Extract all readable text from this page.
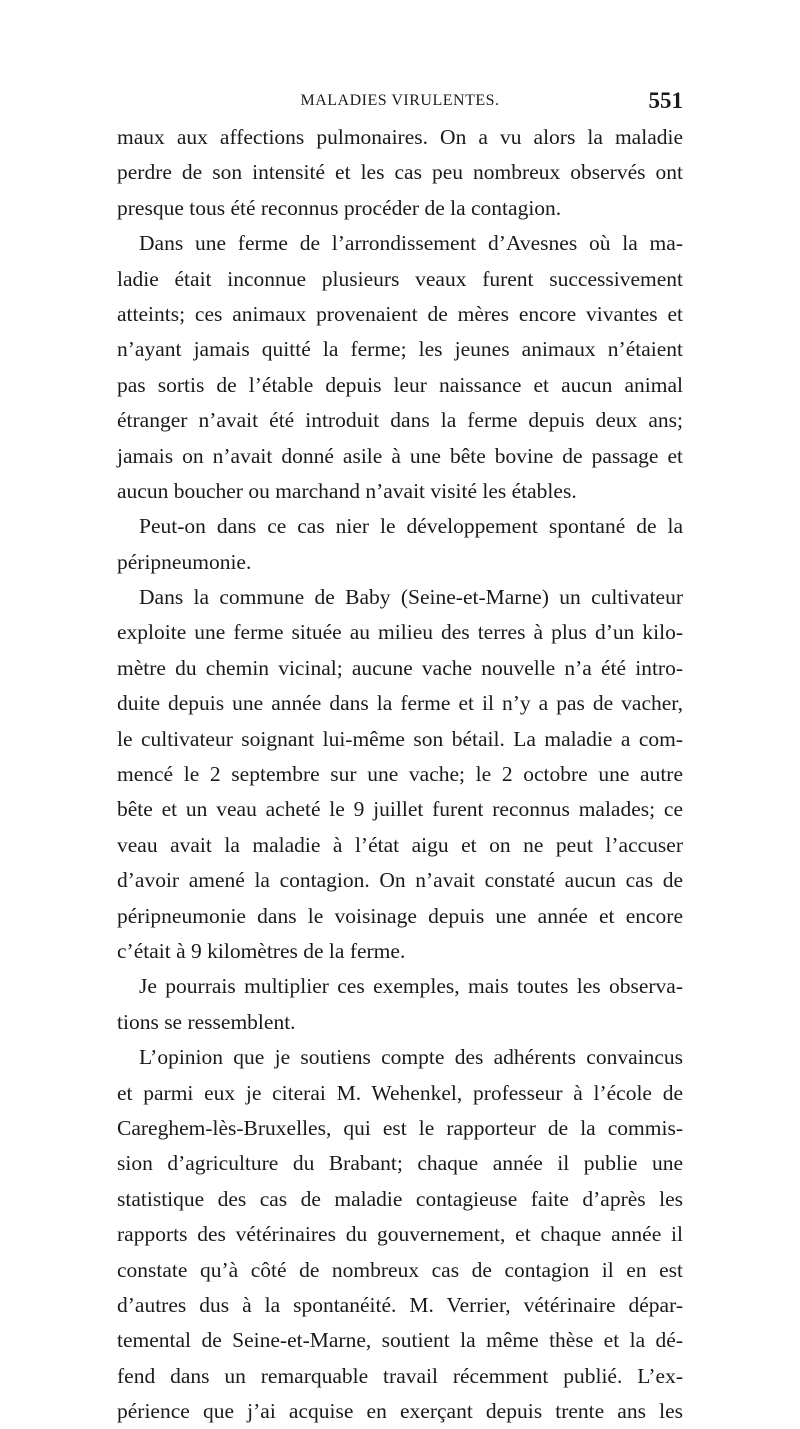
MALADIES VIRULENTES.	551
maux aux affections pulmonaires. On a vu alors la maladie
perdre de son intensité et les cas peu nombreux observés ont
presque tous été reconnus procéder de la contagion.
Dans une ferme de l’arrondissement d’Avesnes où la ma-
ladie était inconnue plusieurs veaux furent successivement
atteints; ces animaux provenaient de mères encore vivantes et
n’ayant jamais quitté la ferme; les jeunes animaux n’étaient
pas sortis de l’étable depuis leur naissance et aucun animal
étranger n’avait été introduit dans la ferme depuis deux ans;
jamais on n’avait donné asile à une bête bovine de passage et
aucun boucher ou marchand n’avait visité les étables.
Peut-on dans ce cas nier le développement spontané de la
péripneumonie.
Dans la commune de Baby (Seine-et-Marne) un cultivateur
exploite une ferme située au milieu des terres à plus d’un kilo-
mètre du chemin vicinal; aucune vache nouvelle n’a été intro-
duite depuis une année dans la ferme et il n’y a pas de vacher,
le cultivateur soignant lui-même son bétail. La maladie a com-
mencé le 2 septembre sur une vache; le 2 octobre une autre
bête et un veau acheté le 9 juillet furent reconnus malades; ce
veau avait la maladie à l’état aigu et on ne peut l’accuser
d’avoir amené la contagion. On n’avait constaté aucun cas de
péripneumonie dans le voisinage depuis une année et encore
c’était à 9 kilomètres de la ferme.
Je pourrais multiplier ces exemples, mais toutes les observa-
tions se ressemblent.
L’opinion que je soutiens compte des adhérents convaincus
et parmi eux je citerai M. Wehenkel, professeur à l’école de
Careghem-lès-Bruxelles, qui est le rapporteur de la commis-
sion d’agriculture du Brabant; chaque année il publie une
statistique des cas de maladie contagieuse faite d’après les
rapports des vétérinaires du gouvernement, et chaque année il
constate qu’à côté de nombreux cas de contagion il en est
d’autres dus à la spontanéité. M. Verrier, vétérinaire dépar-
temental de Seine-et-Marne, soutient la même thèse et la dé-
fend dans un remarquable travail récemment publié. L’ex-
périence que j’ai acquise en exerçant depuis trente ans les
